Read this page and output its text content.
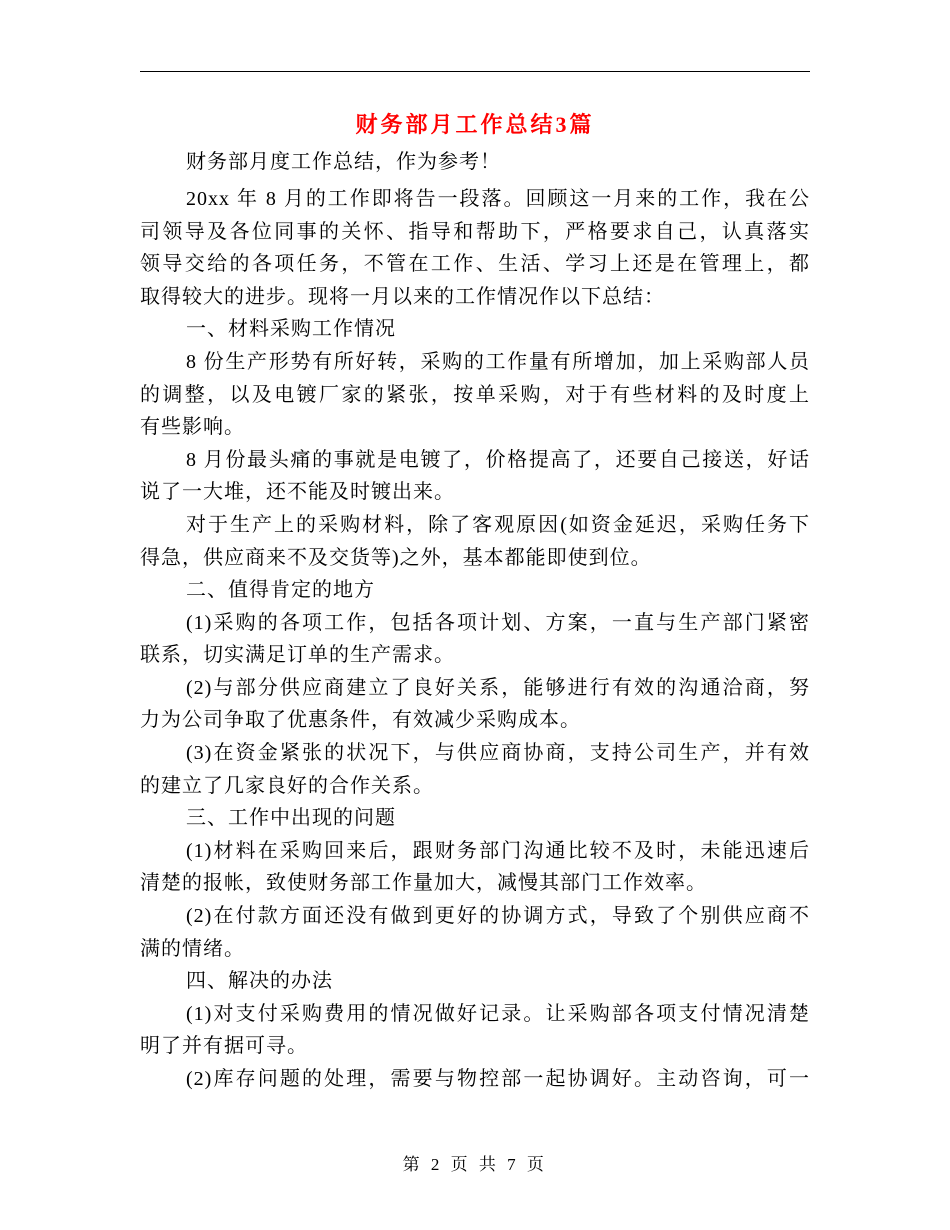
财务部月工作总结3篇
财务部月度工作总结，作为参考！
20xx 年 8 月的工作即将告一段落。回顾这一月来的工作，我在公
司领导及各位同事的关怀、指导和帮助下，严格要求自己，认真落实
领导交给的各项任务，不管在工作、生活、学习上还是在管理上，都
取得较大的进步。现将一月以来的工作情况作以下总结：
一、材料采购工作情况
8 份生产形势有所好转，采购的工作量有所增加，加上采购部人员
的调整，以及电镀厂家的紧张，按单采购，对于有些材料的及时度上
有些影响。
8 月份最头痛的事就是电镀了，价格提高了，还要自己接送，好话
说了一大堆，还不能及时镀出来。
对于生产上的采购材料，除了客观原因(如资金延迟，采购任务下
得急，供应商来不及交货等)之外，基本都能即使到位。
二、值得肯定的地方
(1)采购的各项工作，包括各项计划、方案，一直与生产部门紧密
联系，切实满足订单的生产需求。
(2)与部分供应商建立了良好关系，能够进行有效的沟通洽商，努
力为公司争取了优惠条件，有效减少采购成本。
(3)在资金紧张的状况下，与供应商协商，支持公司生产，并有效
的建立了几家良好的合作关系。
三、工作中出现的问题
(1)材料在采购回来后，跟财务部门沟通比较不及时，未能迅速后
清楚的报帐，致使财务部工作量加大，减慢其部门工作效率。
(2)在付款方面还没有做到更好的协调方式，导致了个别供应商不
满的情绪。
四、解决的办法
(1)对支付采购费用的情况做好记录。让采购部各项支付情况清楚
明了并有据可寻。
(2)库存问题的处理，需要与物控部一起协调好。主动咨询，可一
第 2 页 共 7 页
